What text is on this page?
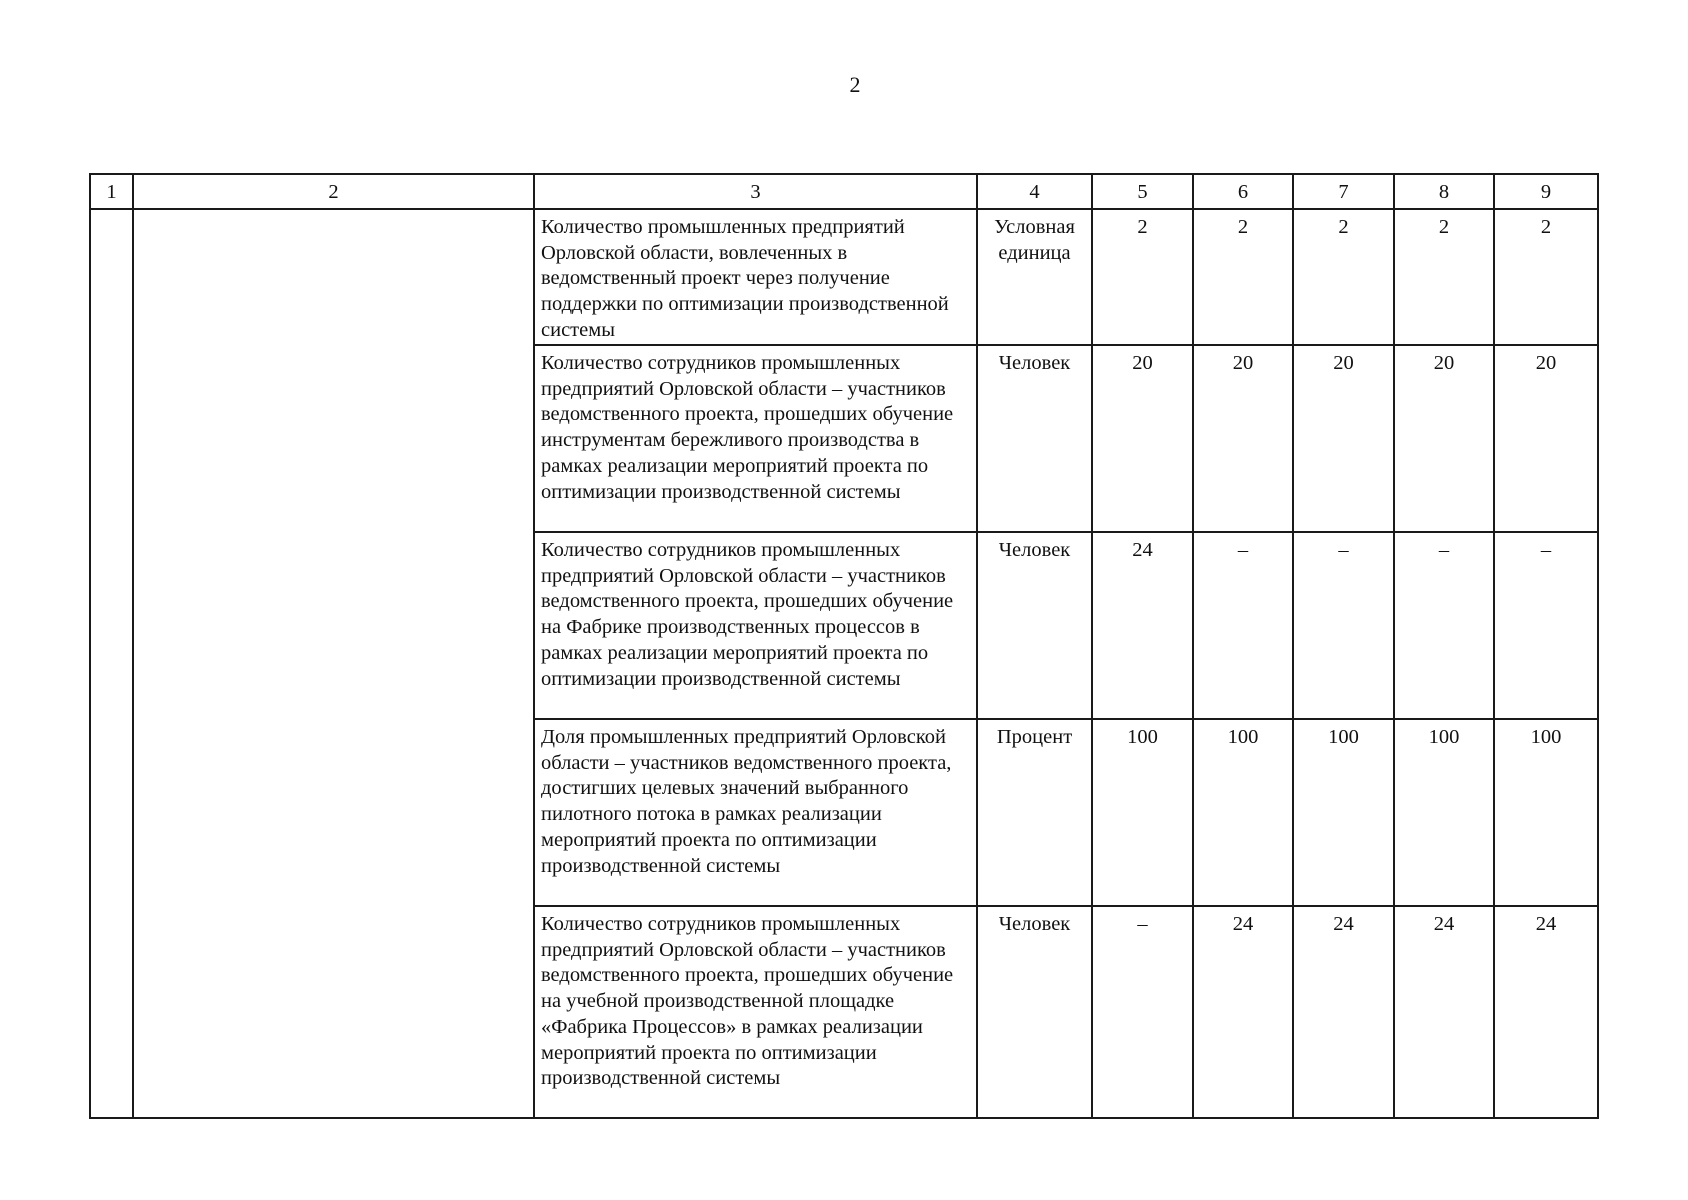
2
1	2	3	4	5	6	7	8	9
		Количество промышленных предприятий Орловской области, вовлеченных в ведомственный проект через получение поддержки по оптимизации производственной системы	Условная единица	2	2	2	2	2
		Количество сотрудников промышленных предприятий Орловской области – участников ведомственного проекта, прошедших обучение инструментам бережливого производства в рамках реализации мероприятий проекта по оптимизации производственной системы	Человек	20	20	20	20	20
		Количество сотрудников промышленных предприятий Орловской области – участников ведомственного проекта, прошедших обучение на Фабрике производственных процессов в рамках реализации мероприятий проекта по оптимизации производственной системы	Человек	24	–	–	–	–
		Доля промышленных предприятий Орловской области – участников ведомственного проекта, достигших целевых значений выбранного пилотного потока в рамках реализации мероприятий проекта по оптимизации производственной системы	Процент	100	100	100	100	100
		Количество сотрудников промышленных предприятий Орловской области – участников ведомственного проекта, прошедших обучение на учебной производственной площадке «Фабрика Процессов» в рамках реализации мероприятий проекта по оптимизации производственной системы	Человек	–	24	24	24	24
